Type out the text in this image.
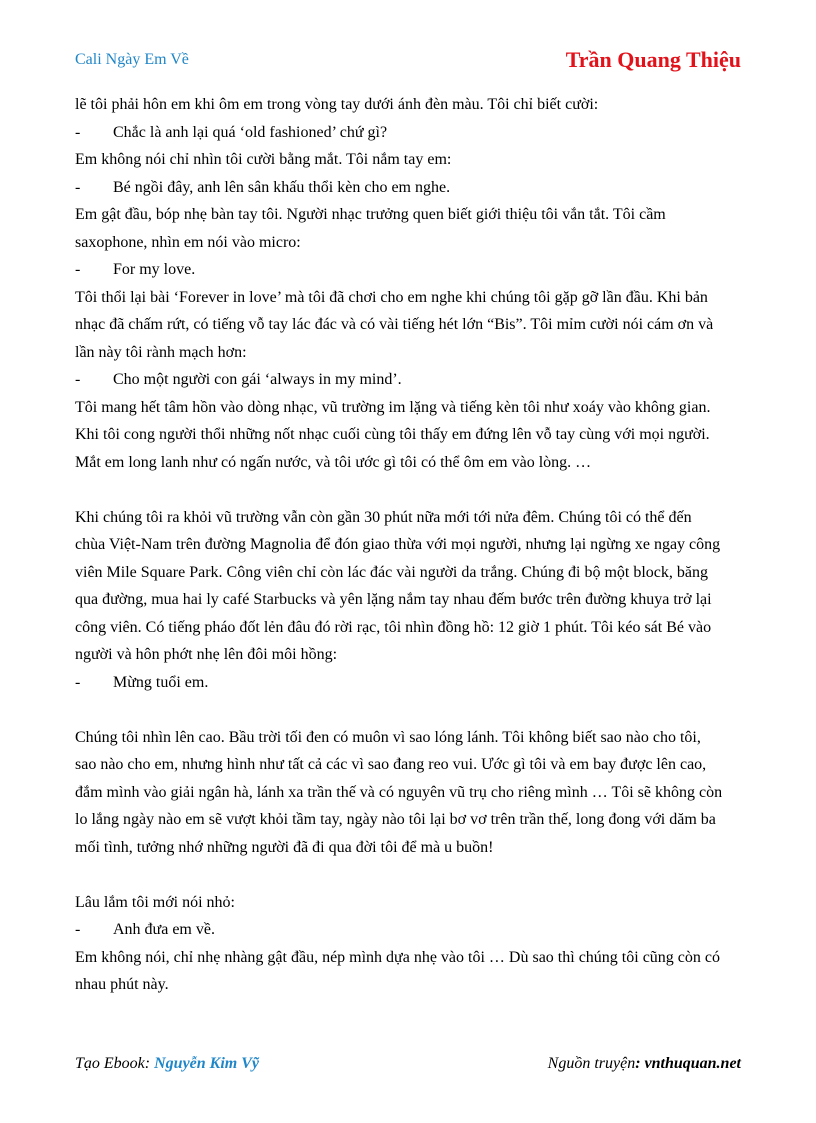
Cali Ngày Em Về	Trần Quang Thiệu
lẽ tôi phải hôn em khi ôm em trong vòng tay dưới ánh đèn màu. Tôi chỉ biết cười:
-	Chắc là anh lại quá ‘old fashioned’ chứ gì?
Em không nói chỉ nhìn tôi cười bằng mắt. Tôi nắm tay em:
-	Bé ngồi đây, anh lên sân khấu thổi kèn cho em nghe.
Em gật đầu, bóp nhẹ bàn tay tôi. Người nhạc trưởng quen biết giới thiệu tôi vắn tắt. Tôi cầm
saxophone, nhìn em nói vào micro:
-	For my love.
Tôi thổi lại bài ‘Forever in love’ mà tôi đã chơi cho em nghe khi chúng tôi gặp gỡ lần đầu. Khi bản
nhạc đã chấm rứt, có tiếng vỗ tay lác đác và có vài tiếng hét lớn “Bis”. Tôi mỉm cười nói cám ơn và
lần này tôi rành mạch hơn:
-	Cho một người con gái ‘always in my mind’.
Tôi mang hết tâm hồn vào dòng nhạc, vũ trường im lặng và tiếng kèn tôi như xoáy vào không gian.
Khi tôi cong người thổi những nốt nhạc cuối cùng tôi thấy em đứng lên vỗ tay cùng với mọi người.
Mắt em long lanh như có ngấn nước, và tôi ước gì tôi có thể ôm em vào lòng. …
Khi chúng tôi ra khỏi vũ trường vẫn còn gần 30 phút nữa mới tới nửa đêm. Chúng tôi có thể đến
chùa Việt-Nam trên đường Magnolia để đón giao thừa với mọi người, nhưng lại ngừng xe ngay công
viên Mile Square Park. Công viên chỉ còn lác đác vài người da trắng. Chúng đi bộ một block, băng
qua đường, mua hai ly café Starbucks và yên lặng nắm tay nhau đếm bước trên đường khuya trở lại
công viên. Có tiếng pháo đốt lẻn đâu đó rời rạc, tôi nhìn đồng hồ: 12 giờ 1 phút. Tôi kéo sát Bé vào
người và hôn phớt nhẹ lên đôi môi hồng:
-	Mừng tuổi em.
Chúng tôi nhìn lên cao. Bầu trời tối đen có muôn vì sao lóng lánh. Tôi không biết sao nào cho tôi,
sao nào cho em, nhưng hình như tất cả các vì sao đang reo vui. Ước gì tôi và em bay được lên cao,
đắm mình vào giải ngân hà, lánh xa trần thế và có nguyên vũ trụ cho riêng mình … Tôi sẽ không còn
lo lắng ngày nào em sẽ vượt khỏi tầm tay, ngày nào tôi lại bơ vơ trên trần thế, long đong với dăm ba
mối tình, tưởng nhớ những người đã đi qua đời tôi để mà u buồn!
Lâu lắm tôi mới nói nhỏ:
-	Anh đưa em về.
Em không nói, chỉ nhẹ nhàng gật đầu, nép mình dựa nhẹ vào tôi … Dù sao thì chúng tôi cũng còn có
nhau phút này.
Tạo Ebook: Nguyễn Kim Vỹ	Nguồn truyện: vnthuquan.net
